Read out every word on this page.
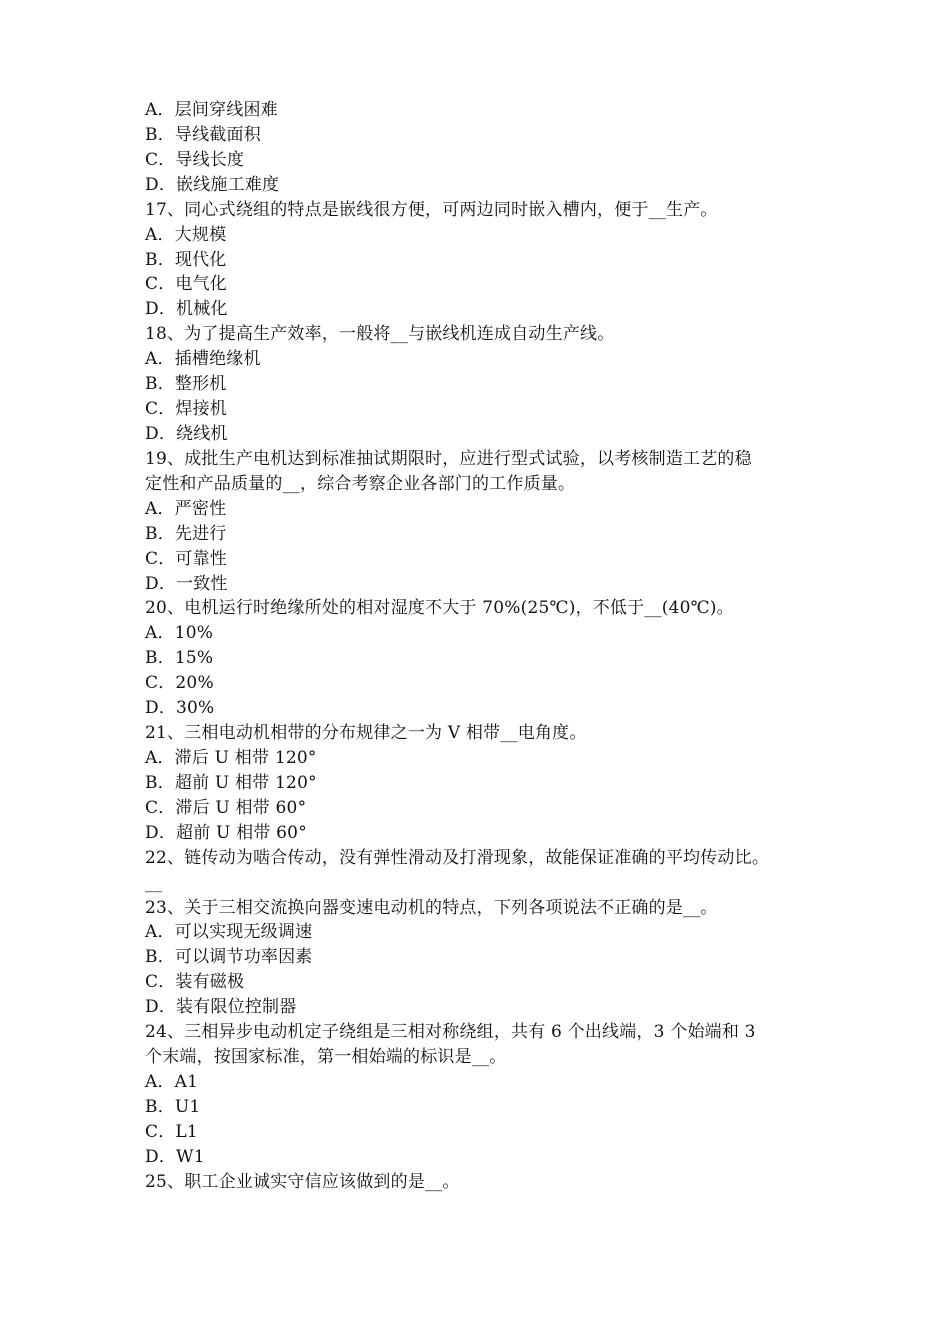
A．层间穿线困难
B．导线截面积
C．导线长度
D．嵌线施工难度
17、同心式绕组的特点是嵌线很方便，可两边同时嵌入槽内，便于__生产。
A．大规模
B．现代化
C．电气化
D．机械化
18、为了提高生产效率，一般将__与嵌线机连成自动生产线。
A．插槽绝缘机
B．整形机
C．焊接机
D．绕线机
19、成批生产电机达到标准抽试期限时，应进行型式试验，以考核制造工艺的稳
定性和产品质量的__，综合考察企业各部门的工作质量。
A．严密性
B．先进行
C．可靠性
D．一致性
20、电机运行时绝缘所处的相对湿度不大于 70%(25℃)，不低于__(40℃)。
A．10%
B．15%
C．20%
D．30%
21、三相电动机相带的分布规律之一为 V 相带__电角度。
A．滞后 U 相带 120°
B．超前 U 相带 120°
C．滞后 U 相带 60°
D．超前 U 相带 60°
22、链传动为啮合传动，没有弹性滑动及打滑现象，故能保证准确的平均传动比。
__
23、关于三相交流换向器变速电动机的特点，下列各项说法不正确的是__。
A．可以实现无级调速
B．可以调节功率因素
C．装有磁极
D．装有限位控制器
24、三相异步电动机定子绕组是三相对称绕组，共有 6 个出线端，3 个始端和 3
个末端，按国家标准，第一相始端的标识是__。
A．A1
B．U1
C．L1
D．W1
25、职工企业诚实守信应该做到的是__。
